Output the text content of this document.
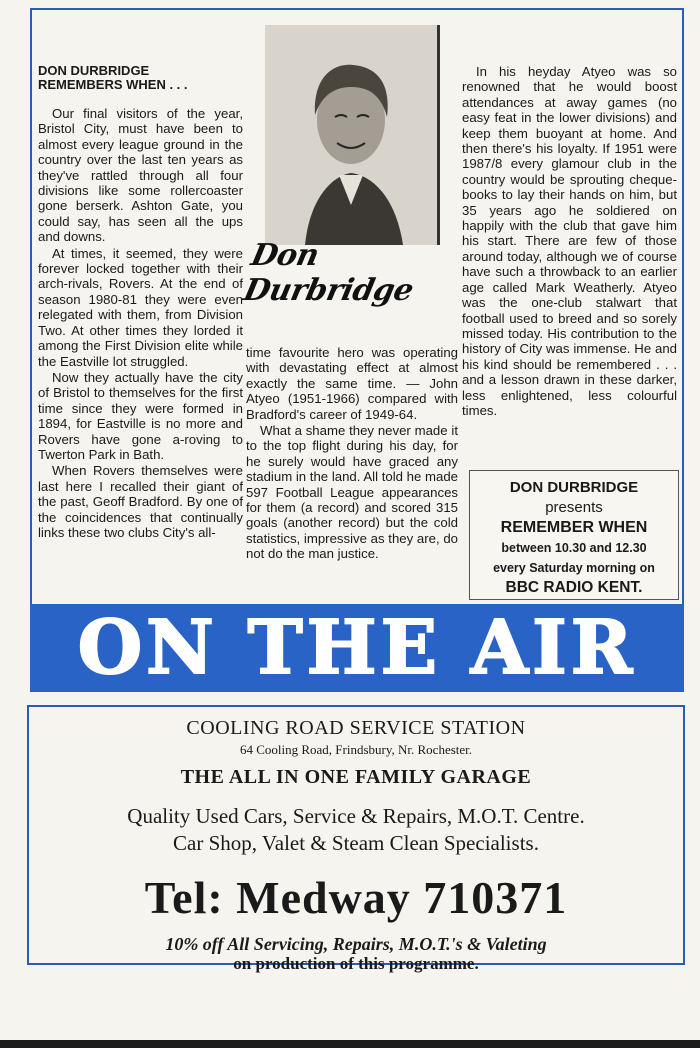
DON DURBRIDGE
REMEMBERS WHEN . . .

Our final visitors of the year, Bristol City, must have been to almost every league ground in the country over the last ten years as they've rattled through all four divisions like some rollercoaster gone berserk. Ashton Gate, you could say, has seen all the ups and downs.

At times, it seemed, they were forever locked together with their arch-rivals, Rovers. At the end of season 1980-81 they were even relegated with them, from Division Two. At other times they lorded it among the First Division elite while the Eastville lot struggled.

Now they actually have the city of Bristol to themselves for the first time since they were formed in 1894, for Eastville is no more and Rovers have gone a-roving to Twerton Park in Bath.

When Rovers themselves were last here I recalled their giant of the past, Geoff Bradford. By one of the coincidences that continually links these two clubs City's all-

Don Durbridge

time favourite hero was operating with devastating effect at almost exactly the same time. — John Atyeo (1951-1966) compared with Bradford's career of 1949-64.

What a shame they never made it to the top flight during his day, for he surely would have graced any stadium in the land. All told he made 597 Football League appearances for them (a record) and scored 315 goals (another record) but the cold statistics, impressive as they are, do not do the man justice.

In his heyday Atyeo was so renowned that he would boost attendances at away games (no easy feat in the lower divisions) and keep them buoyant at home. And then there's his loyalty. If 1951 were 1987/8 every glamour club in the country would be sprouting cheque-books to lay their hands on him, but 35 years ago he soldiered on happily with the club that gave him his start. There are few of those around today, although we of course have such a throwback to an earlier age called Mark Weatherly. Atyeo was the one-club stalwart that football used to breed and so sorely missed today. His contribution to the history of City was immense. He and his kind should be remembered . . . and a lesson drawn in these darker, less enlightened, less colourful times.

DON DURBRIDGE
presents
REMEMBER WHEN
between 10.30 and 12.30
every Saturday morning on
BBC RADIO KENT.
ON THE AIR
COOLING ROAD SERVICE STATION
64 Cooling Road, Frindsbury, Nr. Rochester.
THE ALL IN ONE FAMILY GARAGE
Quality Used Cars, Service & Repairs, M.O.T. Centre.
Car Shop, Valet & Steam Clean Specialists.
Tel: Medway 710371
10% off All Servicing, Repairs, M.O.T.'s & Valeting
on production of this programme.
